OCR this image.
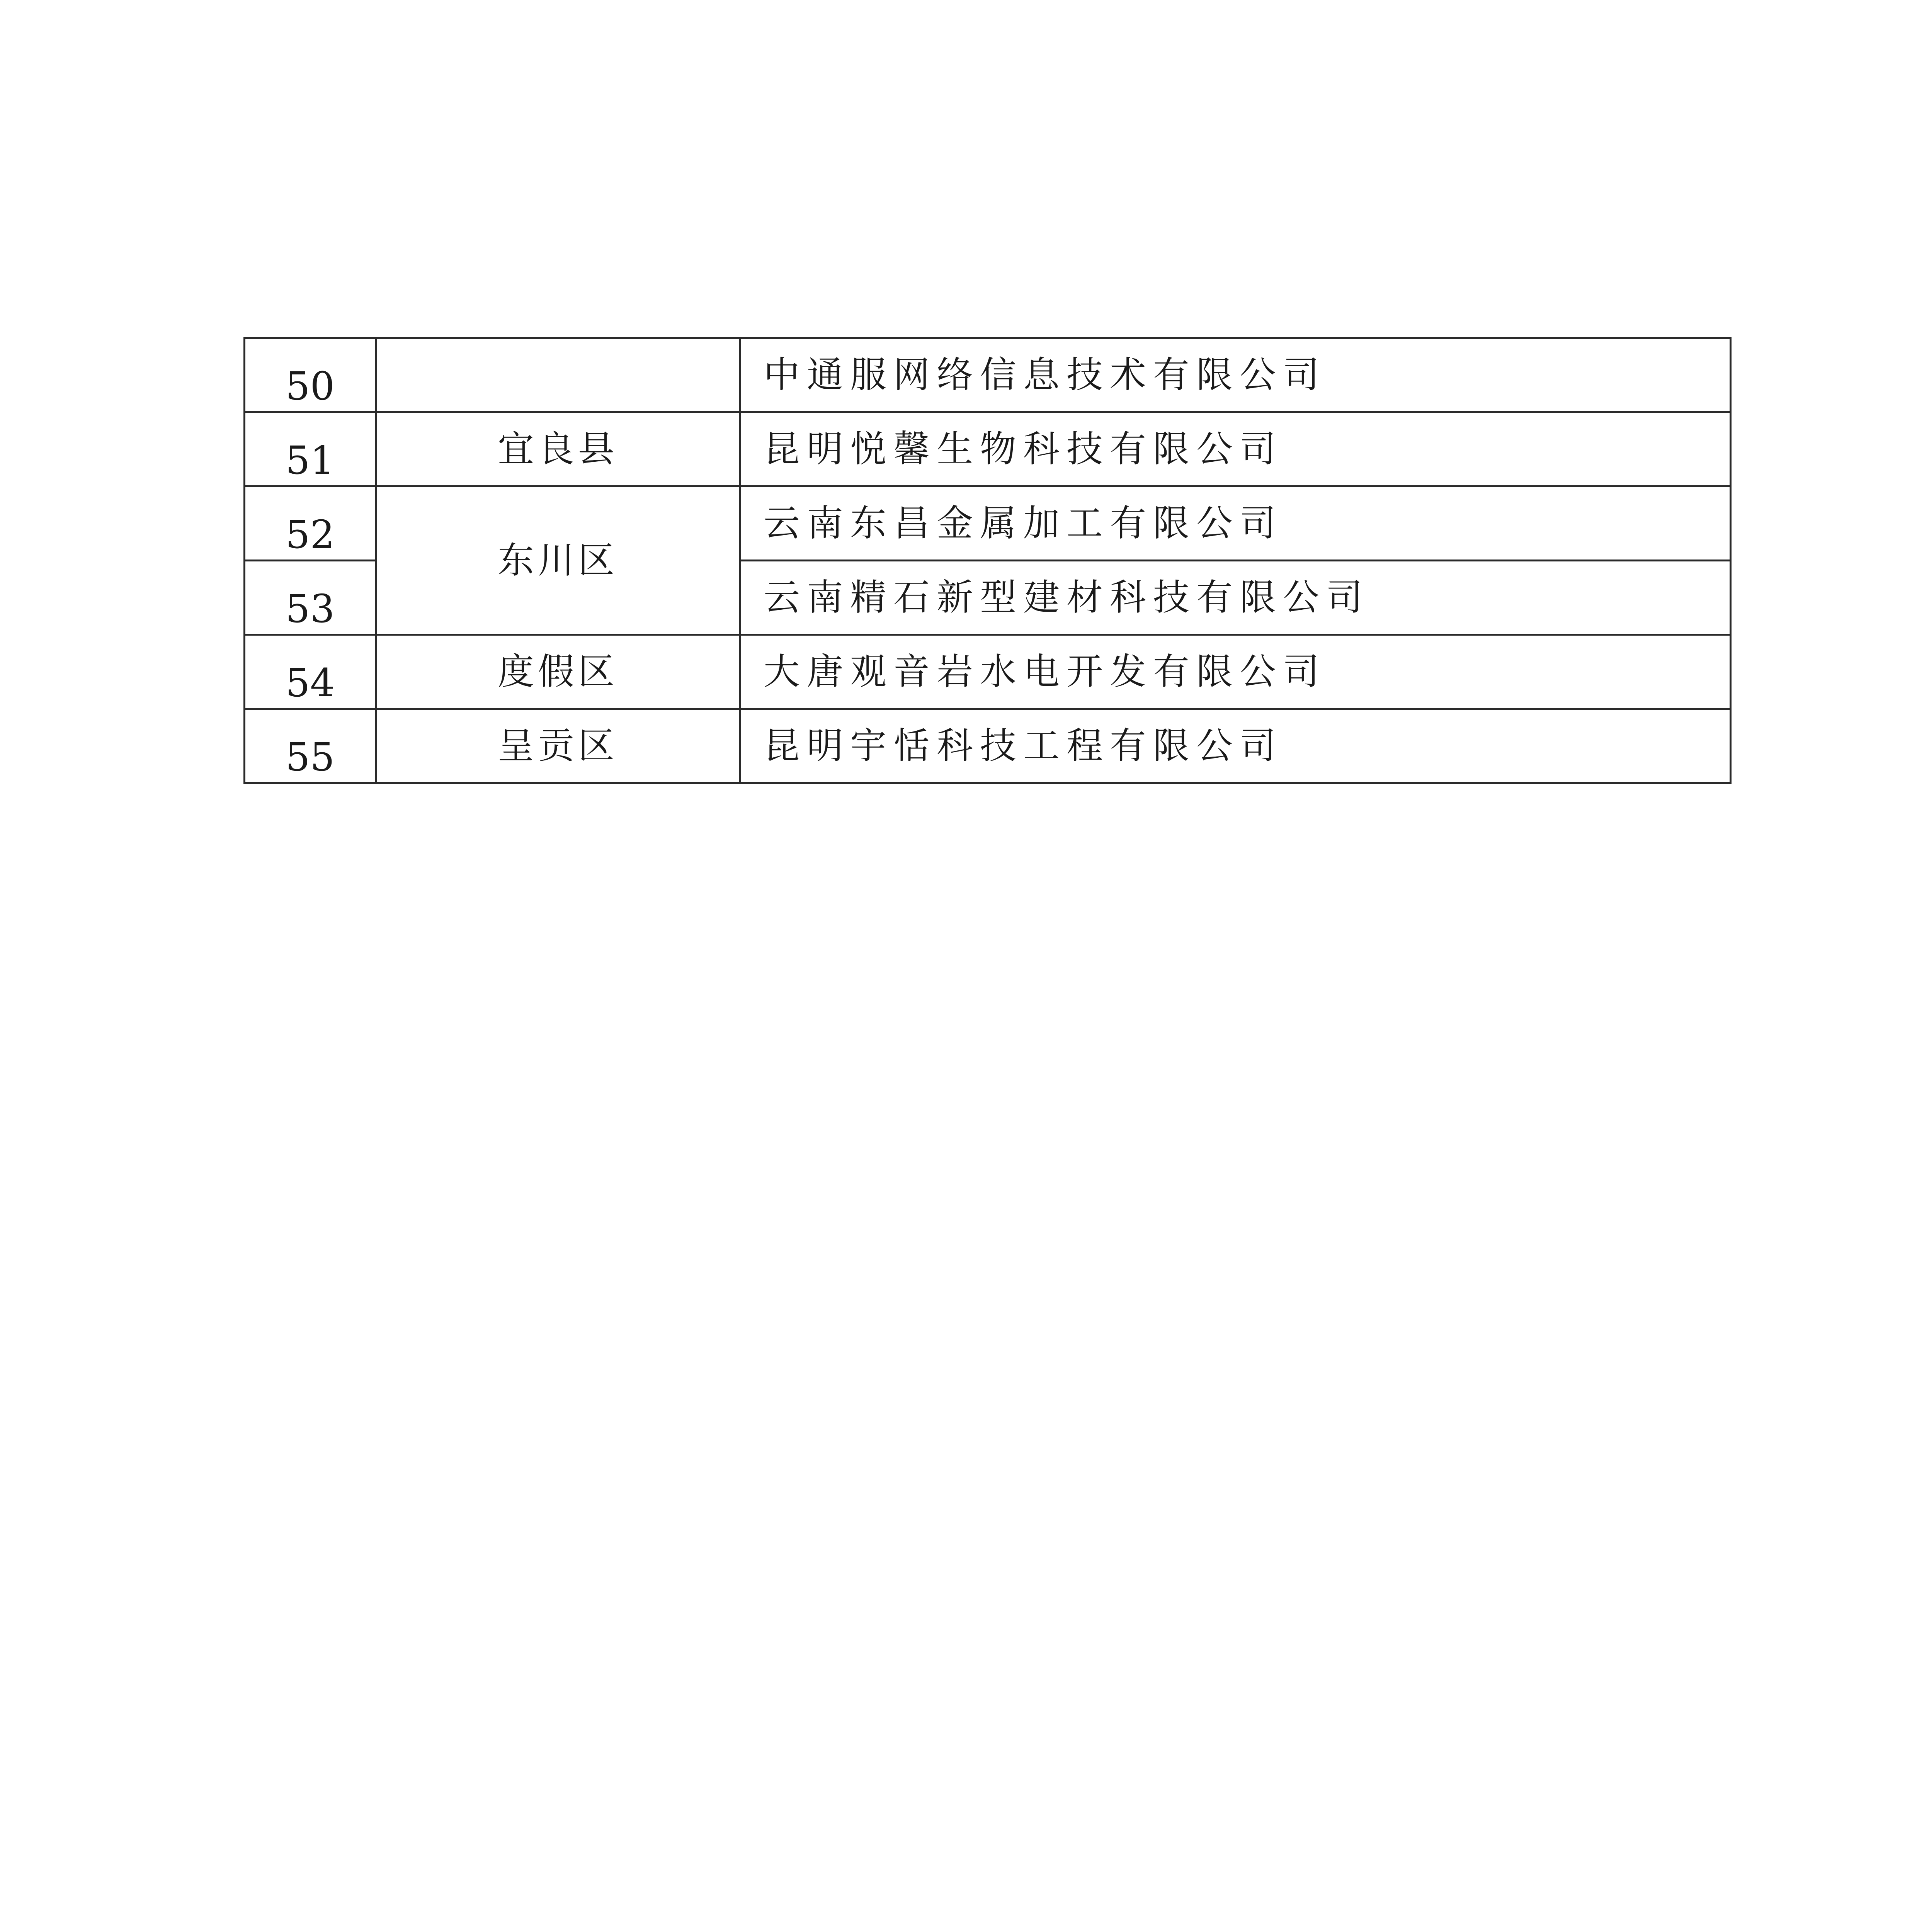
50		中通服网络信息技术有限公司
51	宜良县	昆明悦馨生物科技有限公司
52	东川区	云南东昌金属加工有限公司
53		云南精石新型建材科技有限公司
54	度假区	大唐观音岩水电开发有限公司
55	呈贡区	昆明宇恬科技工程有限公司
